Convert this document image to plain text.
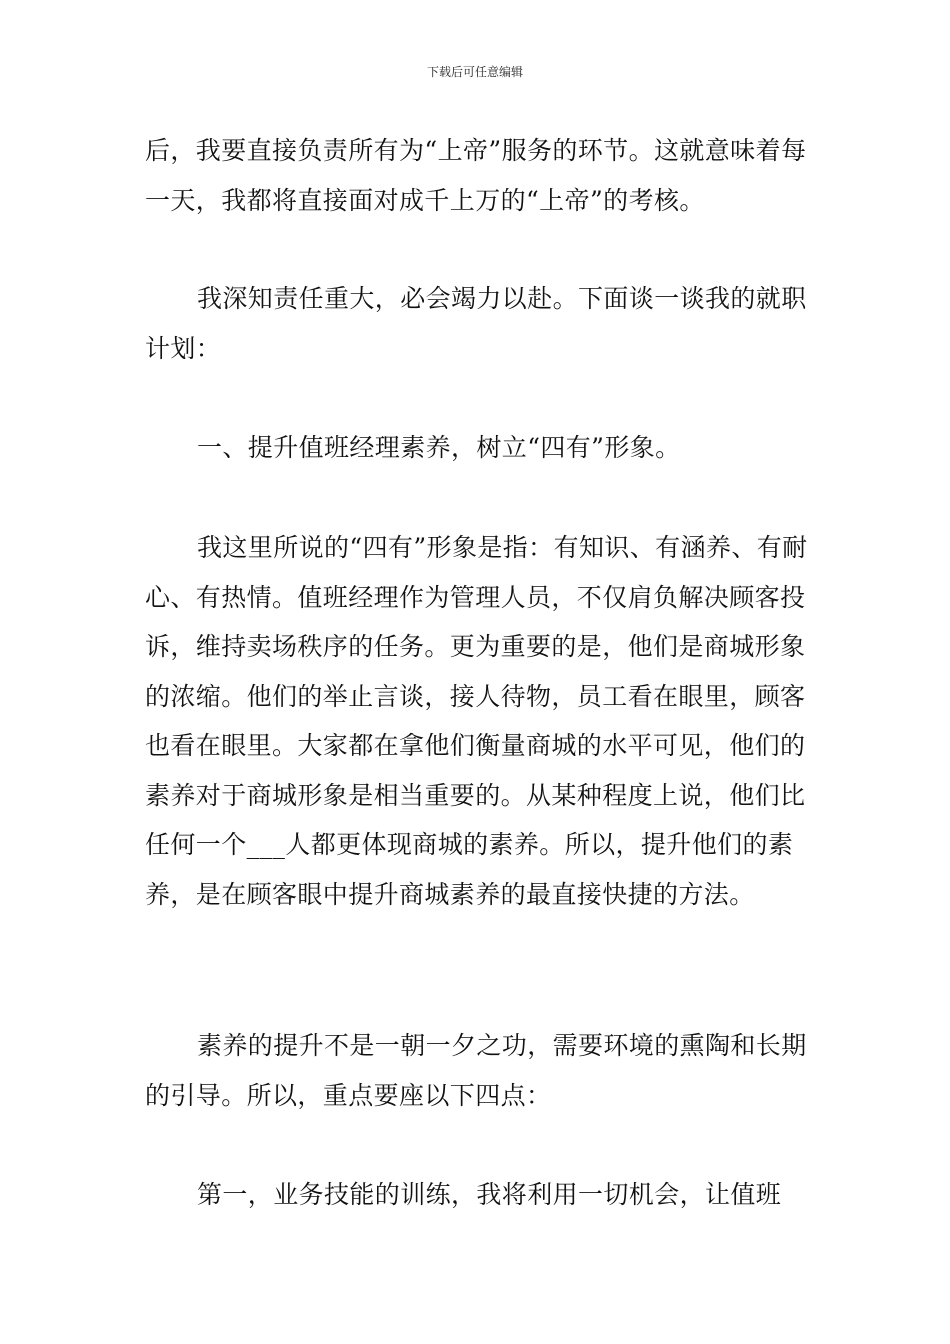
下载后可任意编辑

后，我要直接负责所有为“上帝”服务的环节。这就意味着每一天，我都将直接面对成千上万的“上帝”的考核。

我深知责任重大，必会竭力以赴。下面谈一谈我的就职计划：

一、提升值班经理素养，树立“四有”形象。

我这里所说的“四有”形象是指：有知识、有涵养、有耐心、有热情。值班经理作为管理人员，不仅肩负解决顾客投诉，维持卖场秩序的任务。更为重要的是，他们是商城形象的浓缩。他们的举止言谈，接人待物，员工看在眼里，顾客也看在眼里。大家都在拿他们衡量商城的水平可见，他们的素养对于商城形象是相当重要的。从某种程度上说，他们比任何一个___人都更体现商城的素养。所以，提升他们的素养，是在顾客眼中提升商城素养的最直接快捷的方法。

素养的提升不是一朝一夕之功，需要环境的熏陶和长期的引导。所以，重点要座以下四点：

第一，业务技能的训练，我将利用一切机会，让值班
